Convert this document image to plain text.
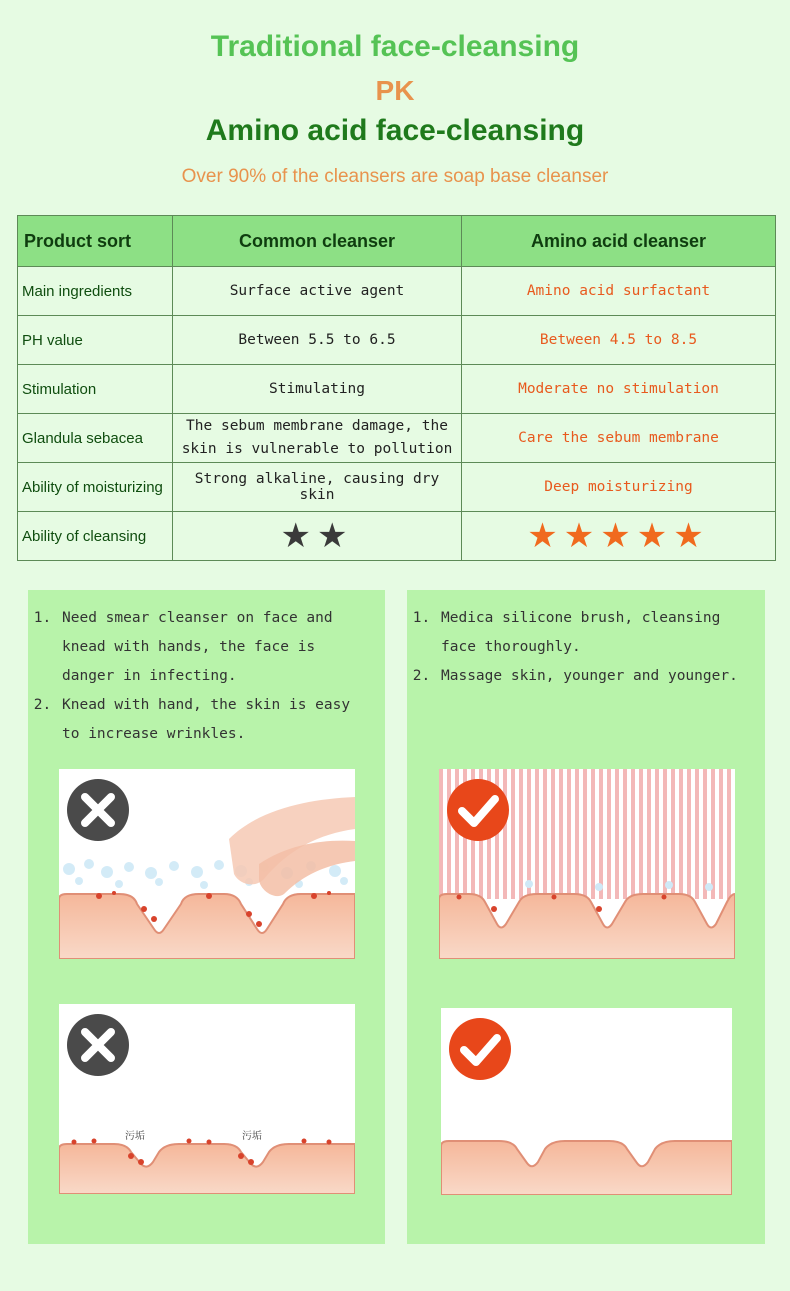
Traditional face-cleansing
PK
Amino acid face-cleansing
Over 90% of the cleansers are soap base cleanser
Product sort	Common cleanser	Amino acid cleanser
Main ingredients	Surface active agent	Amino acid surfactant
PH value	Between 5.5 to 6.5	Between 4.5 to 8.5
Stimulation	Stimulating	Moderate no stimulation
Glandula sebacea	The sebum membrane damage, the skin is vulnerable to pollution	Care the sebum membrane
Ability of moisturizing	Strong alkaline, causing dry skin	Deep moisturizing
Ability of cleansing	★★	★★★★★
1. Need smear cleanser on face and knead with hands, the face is danger in infecting.
2. Knead with hand, the skin is easy to increase wrinkles.
污垢	污垢
1. Medica silicone brush, cleansing face thoroughly.
2. Massage skin, younger and younger.
